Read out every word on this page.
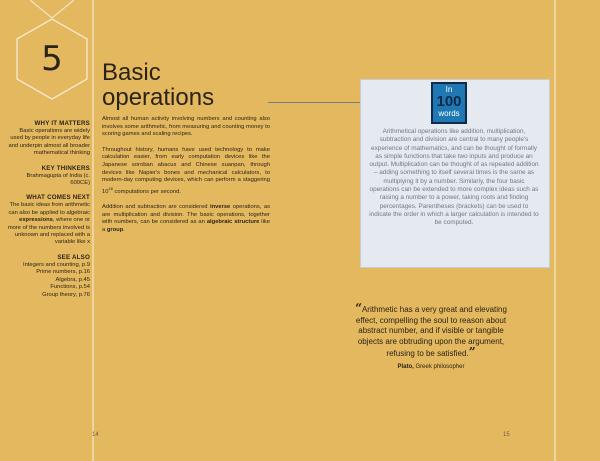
5
WHY IT MATTERS
Basic operations are widely used by people in everyday life and underpin almost all broader mathematical thinking
KEY THINKERS
Brahmagupta of India (c. 600CE)
WHAT COMES NEXT
The basic ideas from arithmetic can also be applied to algebraic expressions, where one or more of the numbers involved is unknown and replaced with a variable like x
SEE ALSO
Integers and counting, p.9
Prime numbers, p.16
Algebra, p.45
Functions, p.54
Group theory, p.76
Basic
operations

Almost all human activity involving numbers and counting also involves some arithmetic, from measuring and counting money to scoring games and scaling recipes.

Throughout history, humans have used technology to make calculation easier, from early computation devices like the Japanese soroban abacus and Chinese suanpan, through devices like Napier's bones and mechanical calculators, to modern-day computing devices, which can perform a staggering $10^{18}$ computations per second.

Addition and subtraction are considered inverse operations, as are multiplication and division. The basic operations, together with numbers, can be considered as an algebraic structure like a group.

In
100
words
Arithmetical operations like addition, multiplication, subtraction and division are central to many people's experience of mathematics, and can be thought of formally as simple functions that take two inputs and produce an output. Multiplication can be thought of as repeated addition – adding something to itself several times is the same as multiplying it by a number. Similarly, the four basic operations can be extended to more complex ideas such as raising a number to a power, taking roots and finding percentages. Parentheses (brackets) can be used to indicate the order in which a larger calculation is intended to be computed.

“Arithmetic has a very great and elevating effect, compelling the soul to reason about abstract number, and if visible or tangible objects are obtruding upon the argument, refusing to be satisfied.”

Plato, Greek philosopher
14	15
